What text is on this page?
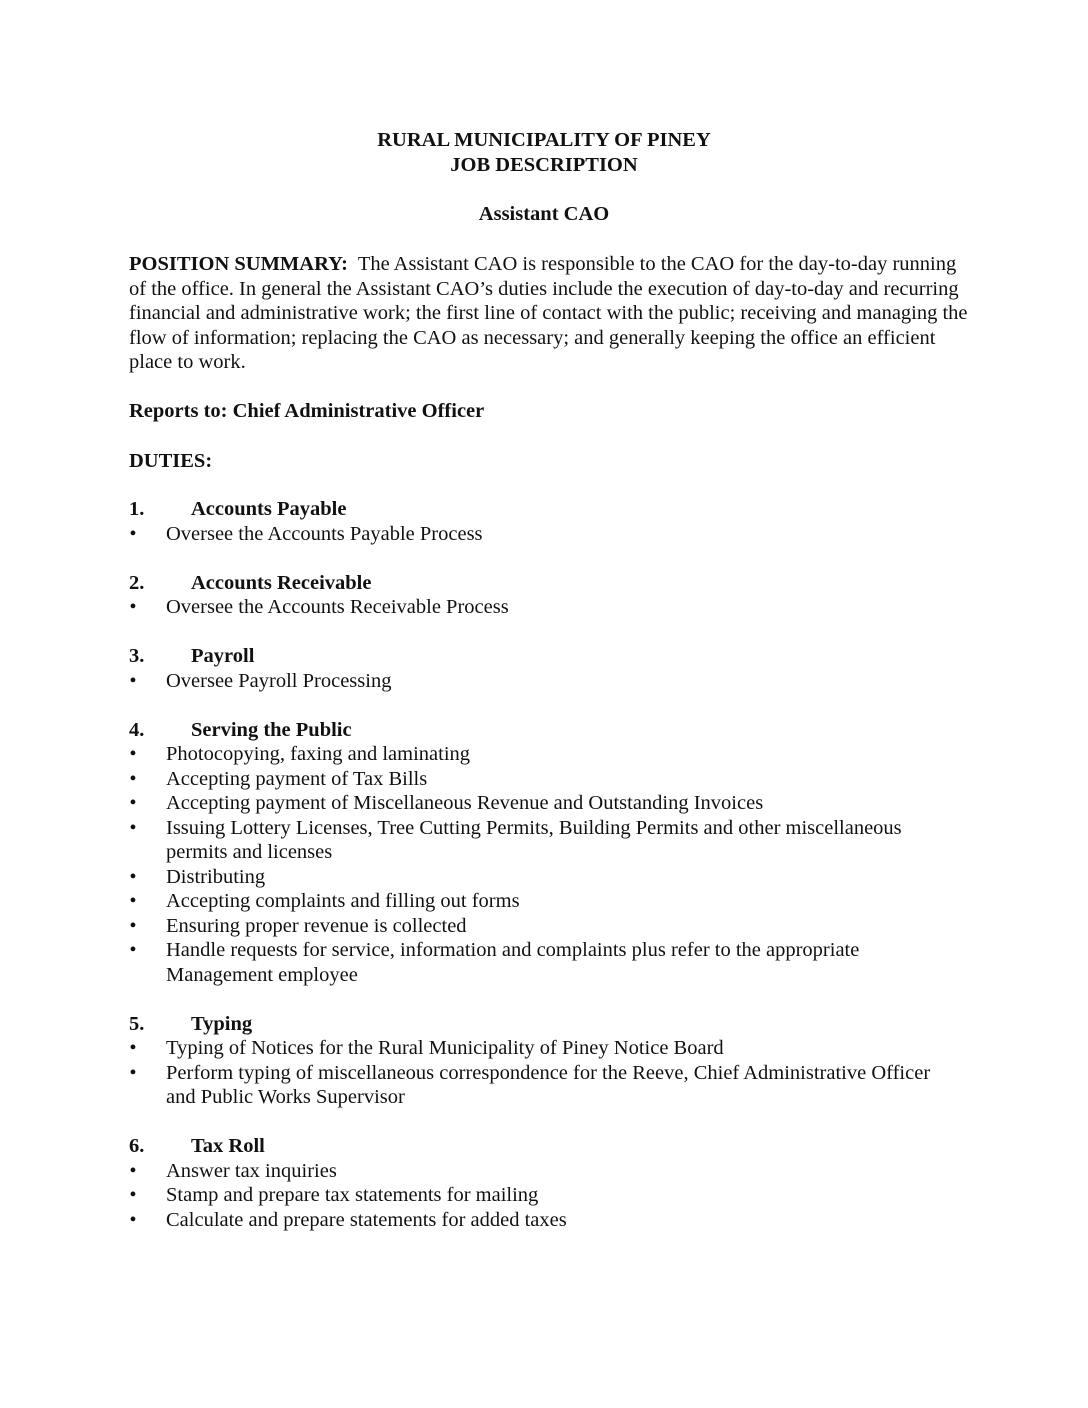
RURAL MUNICIPALITY OF PINEY
JOB DESCRIPTION
Assistant CAO
POSITION SUMMARY: The Assistant CAO is responsible to the CAO for the day-to-day running of the office. In general the Assistant CAO’s duties include the execution of day-to-day and recurring financial and administrative work; the first line of contact with the public; receiving and managing the flow of information; replacing the CAO as necessary; and generally keeping the office an efficient place to work.
Reports to: Chief Administrative Officer
DUTIES:
1. Accounts Payable
• Oversee the Accounts Payable Process
2. Accounts Receivable
• Oversee the Accounts Receivable Process
3. Payroll
• Oversee Payroll Processing
4. Serving the Public
• Photocopying, faxing and laminating
• Accepting payment of Tax Bills
• Accepting payment of Miscellaneous Revenue and Outstanding Invoices
• Issuing Lottery Licenses, Tree Cutting Permits, Building Permits and other miscellaneous permits and licenses
• Distributing
• Accepting complaints and filling out forms
• Ensuring proper revenue is collected
• Handle requests for service, information and complaints plus refer to the appropriate Management employee
5. Typing
• Typing of Notices for the Rural Municipality of Piney Notice Board
• Perform typing of miscellaneous correspondence for the Reeve, Chief Administrative Officer and Public Works Supervisor
6. Tax Roll
• Answer tax inquiries
• Stamp and prepare tax statements for mailing
• Calculate and prepare statements for added taxes
